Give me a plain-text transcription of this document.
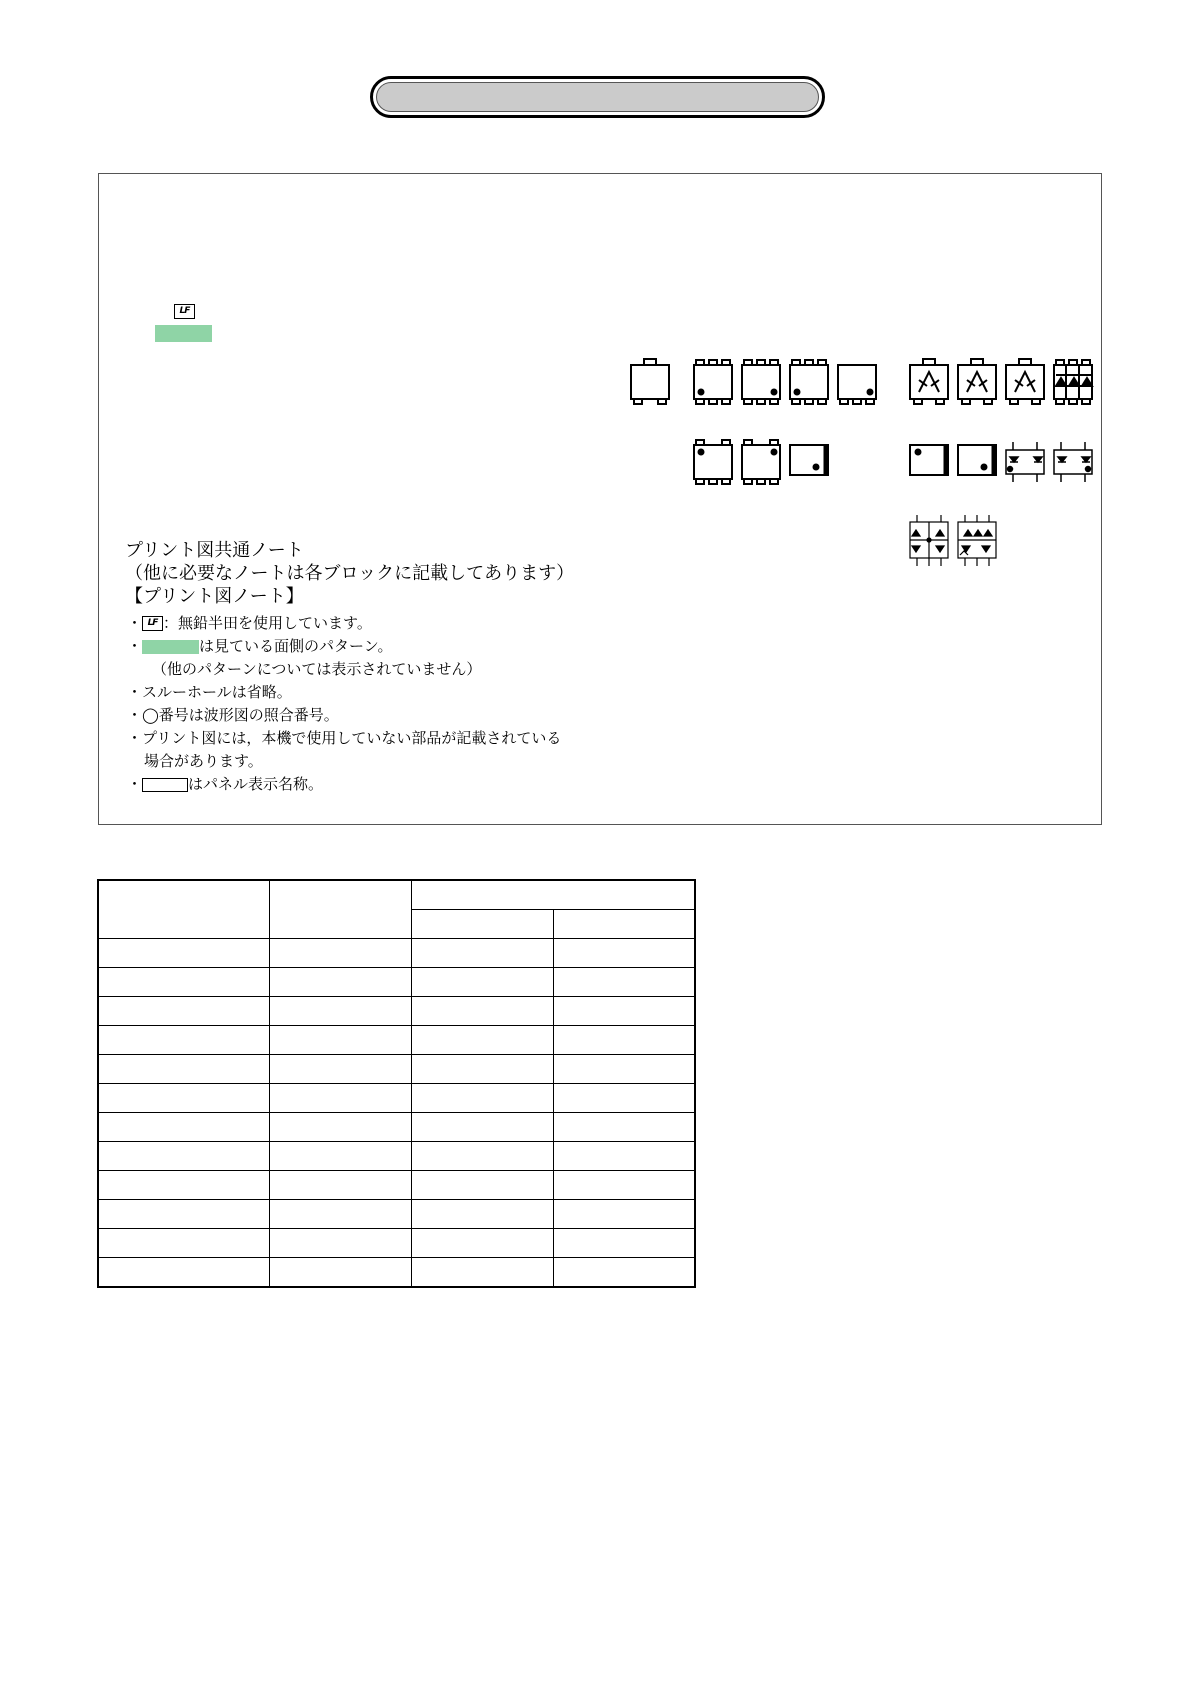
LF
プリント図共通ノート
（他に必要なノートは各ブロックに記載してあります）
【プリント図ノート】
・ LF ：無鉛半田を使用しています。
・	は見ている面側のパターン。
（他のパターンについては表示されていません）
・スルーホールは省略。
・◯番号は波形図の照合番号。
・プリント図には，本機で使用していない部品が記載されている
場合があります。
・	はパネル表示名称。
